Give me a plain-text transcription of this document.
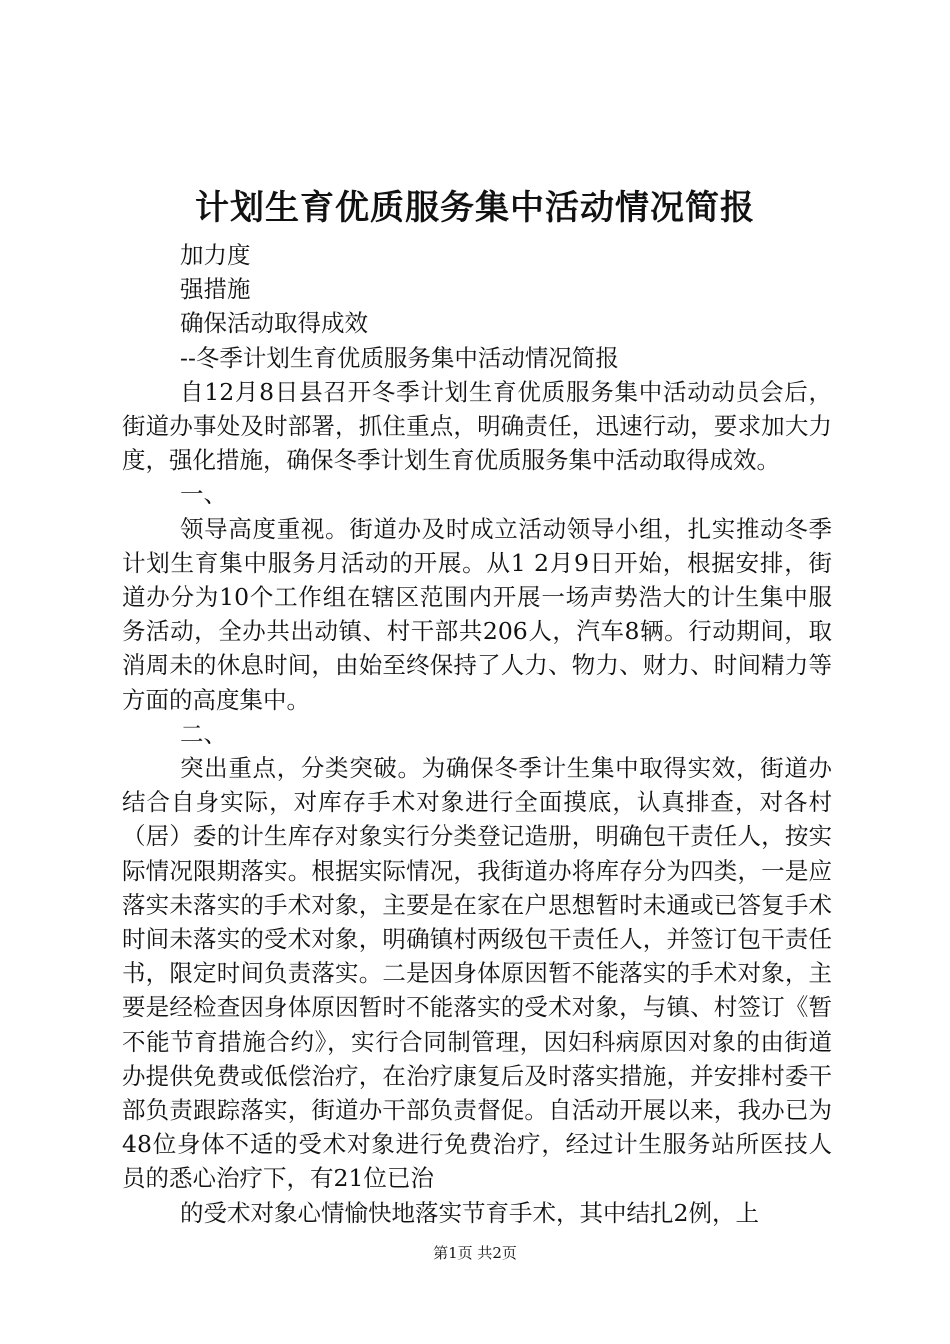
计划生育优质服务集中活动情况简报

加力度

强措施

确保活动取得成效

--冬季计划生育优质服务集中活动情况简报

自12月8日县召开冬季计划生育优质服务集中活动动员会后，街道办事处及时部署，抓住重点，明确责任，迅速行动，要求加大力度，强化措施，确保冬季计划生育优质服务集中活动取得成效。

一、

领导高度重视。街道办及时成立活动领导小组，扎实推动冬季计划生育集中服务月活动的开展。从1 2月9日开始，根据安排，街道办分为10个工作组在辖区范围内开展一场声势浩大的计生集中服务活动，全办共出动镇、村干部共206人，汽车8辆。行动期间，取消周未的休息时间，由始至终保持了人力、物力、财力、时间精力等方面的高度集中。

二、

突出重点，分类突破。为确保冬季计生集中取得实效，街道办结合自身实际，对库存手术对象进行全面摸底，认真排查，对各村（居）委的计生库存对象实行分类登记造册，明确包干责任人，按实际情况限期落实。根据实际情况，我街道办将库存分为四类，一是应落实未落实的手术对象，主要是在家在户思想暂时未通或已答复手术时间未落实的受术对象，明确镇村两级包干责任人，并签订包干责任书，限定时间负责落实。二是因身体原因暂不能落实的手术对象，主要是经检查因身体原因暂时不能落实的受术对象，与镇、村签订《暂不能节育措施合约》，实行合同制管理，因妇科病原因对象的由街道办提供免费或低偿治疗，在治疗康复后及时落实措施，并安排村委干部负责跟踪落实，街道办干部负责督促。自活动开展以来，我办已为48位身体不适的受术对象进行免费治疗，经过计生服务站所医技人员的悉心治疗下，有21位已治

的受术对象心情愉快地落实节育手术，其中结扎2例，上

第1页 共2页
